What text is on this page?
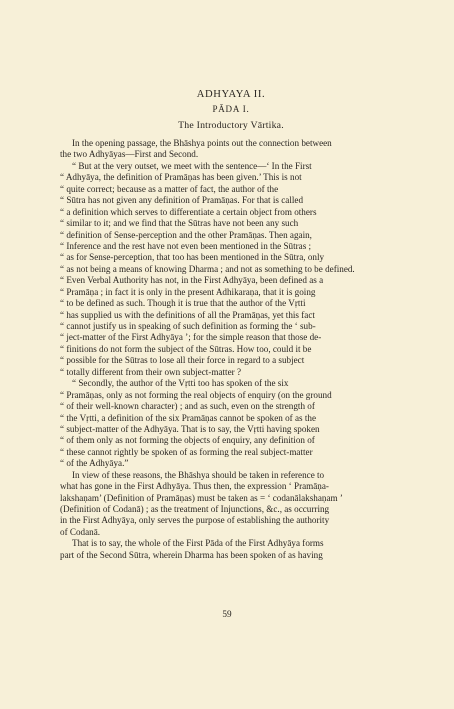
ADHYAYA II.

PĀDA I.

The Introductory Vārtika.

In the opening passage, the Bhāshya points out the connection between
the two Adhyāyas—First and Second.
“ But at the very outset, we meet with the sentence—‘ In the First
“ Adhyāya, the definition of Pramāṇas has been given.’ This is not
“ quite correct; because as a matter of fact, the author of the
“ Sūtra has not given any definition of Pramāṇas. For that is called
“ a definition which serves to differentiate a certain object from others
“ similar to it; and we find that the Sūtras have not been any such
“ definition of Sense-perception and the other Pramāṇas. Then again,
“ Inference and the rest have not even been mentioned in the Sūtras ;
“ as for Sense-perception, that too has been mentioned in the Sūtra, only
“ as not being a means of knowing Dharma ; and not as something to be defined.
“ Even Verbal Authority has not, in the First Adhyāya, been defined as a
“ Pramāṇa ; in fact it is only in the present Adhikaraṇa, that it is going
“ to be defined as such. Though it is true that the author of the Vṛtti
“ has supplied us with the definitions of all the Pramāṇas, yet this fact
“ cannot justify us in speaking of such definition as forming the ‘ sub-
“ ject-matter of the First Adhyāya ’; for the simple reason that those de-
“ finitions do not form the subject of the Sūtras. How too, could it be
“ possible for the Sūtras to lose all their force in regard to a subject
“ totally different from their own subject-matter ?
“ Secondly, the author of the Vṛtti too has spoken of the six
“ Pramāṇas, only as not forming the real objects of enquiry (on the ground
“ of their well-known character) ; and as such, even on the strength of
“ the Vṛtti, a definition of the six Pramāṇas cannot be spoken of as the
“ subject-matter of the Adhyāya. That is to say, the Vṛtti having spoken
“ of them only as not forming the objects of enquiry, any definition of
“ these cannot rightly be spoken of as forming the real subject-matter
“ of the Adhyāya.”
In view of these reasons, the Bhāshya should be taken in reference to
what has gone in the First Adhyāya. Thus then, the expression ‘ Pramāṇa-
lakshaṇam’ (Definition of Pramāṇas) must be taken as = ‘ codanālakshaṇam ’
(Definition of Codanā) ; as the treatment of Injunctions, &c., as occurring
in the First Adhyāya, only serves the purpose of establishing the authority
of Codanā.
That is to say, the whole of the First Pāda of the First Adhyāya forms
part of the Second Sūtra, wherein Dharma has been spoken of as having
59
